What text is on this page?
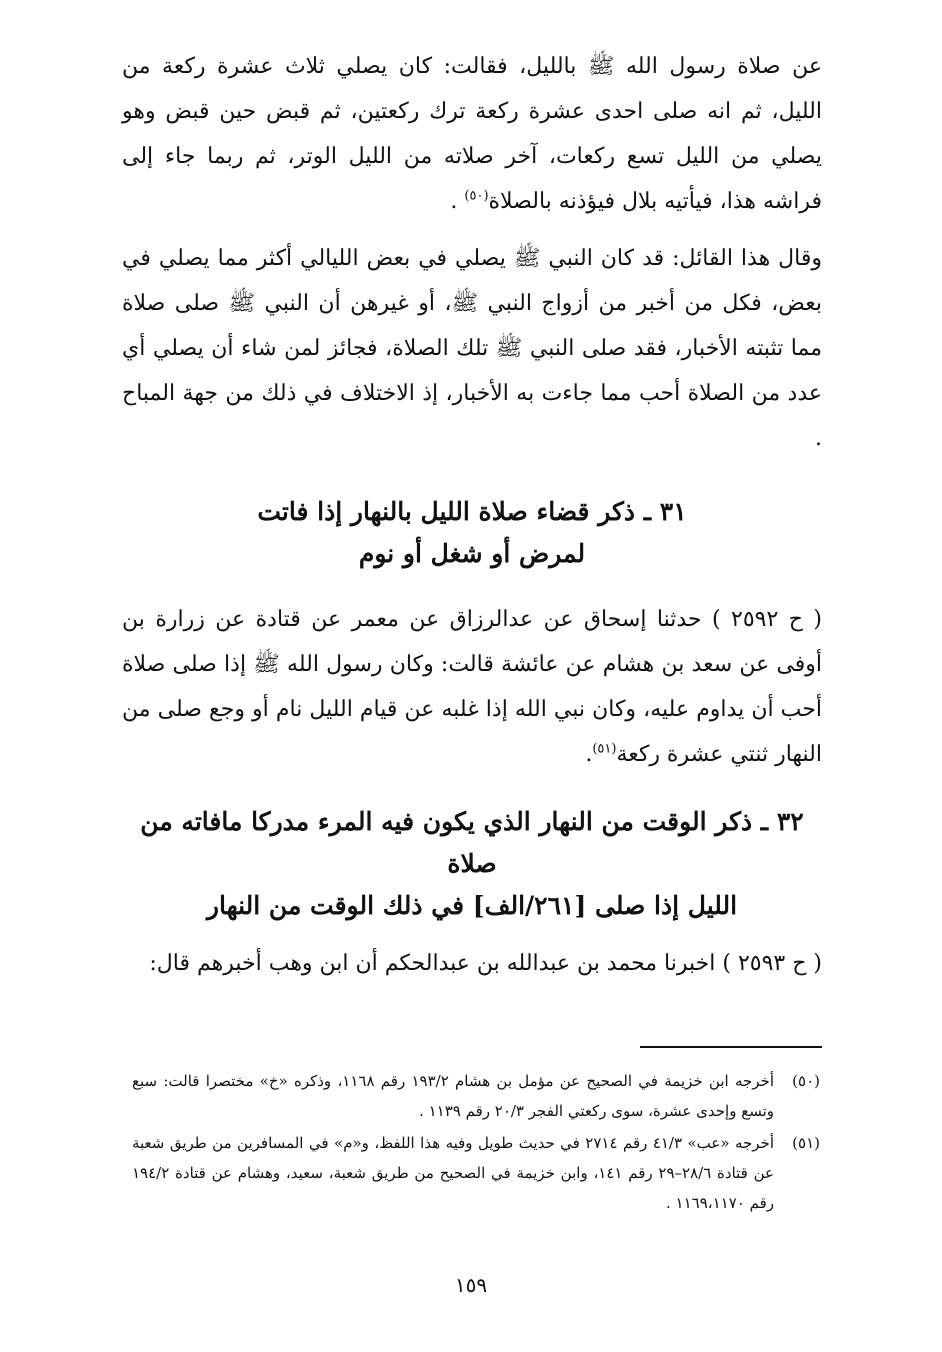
عن صلاة رسول الله ﷺ بالليل، فقالت: كان يصلي ثلاث عشرة ركعة من الليل، ثم انه صلى احدى عشرة ركعة ترك ركعتين، ثم قبض حين قبض وهو يصلي من الليل تسع ركعات، آخر صلاته من الليل الوتر، ثم ربما جاء إلى فراشه هذا، فيأتيه بلال فيؤذنه بالصلاة$^{(٥٠)}$ .

وقال هذا القائل: قد كان النبي ﷺ يصلي في بعض الليالي أكثر مما يصلي في بعض، فكل من أخبر من أزواج النبي ﷺ، أو غيرهن أن النبي ﷺ صلى صلاة مما تثبته الأخبار، فقد صلى النبي ﷺ تلك الصلاة، فجائز لمن شاء أن يصلي أي عدد من الصلاة أحب مما جاءت به الأخبار، إذ الاختلاف في ذلك من جهة المباح .

٣١ ـ ذكر قضاء صلاة الليل بالنهار إذا فاتت
لمرض أو شغل أو نوم

( ح ٢٥٩٢ ) حدثنا إسحاق عن عدالرزاق عن معمر عن قتادة عن زرارة بن أوفى عن سعد بن هشام عن عائشة قالت: وكان رسول الله ﷺ إذا صلى صلاة أحب أن يداوم عليه، وكان نبي الله إذا غلبه عن قيام الليل نام أو وجع صلى من النهار ثنتي عشرة ركعة$^{(٥١)}$.

٣٢ ـ ذكر الوقت من النهار الذي يكون فيه المرء مدركا مافاته من صلاة
الليل إذا صلى [٢٦١/الف] في ذلك الوقت من النهار

( ح ٢٥٩٣ ) اخبرنا محمد بن عبدالله بن عبدالحكم أن ابن وهب أخبرهم قال:

(٥٠)
أخرجه ابن خزيمة في الصحيح عن مؤمل بن هشام ١٩٣/٢ رقم ١١٦٨، وذكره «خ» مختصرا قالت: سبع وتسع وإحدى عشرة، سوى ركعتي الفجر ٢٠/٣ رقم ١١٣٩ .

(٥١)
أخرجه «عب» ٤١/٣ رقم ٢٧١٤ في حديث طويل وفيه هذا اللفظ، و«م» في المسافرين من طريق شعبة عن قتادة ٢٨/٦–٢٩ رقم ١٤١، وابن خزيمة في الصحيح من طريق شعبة، سعيد، وهشام عن قتادة ١٩٤/٢ رقم ١١٦٩،١١٧٠ .

١٥٩
